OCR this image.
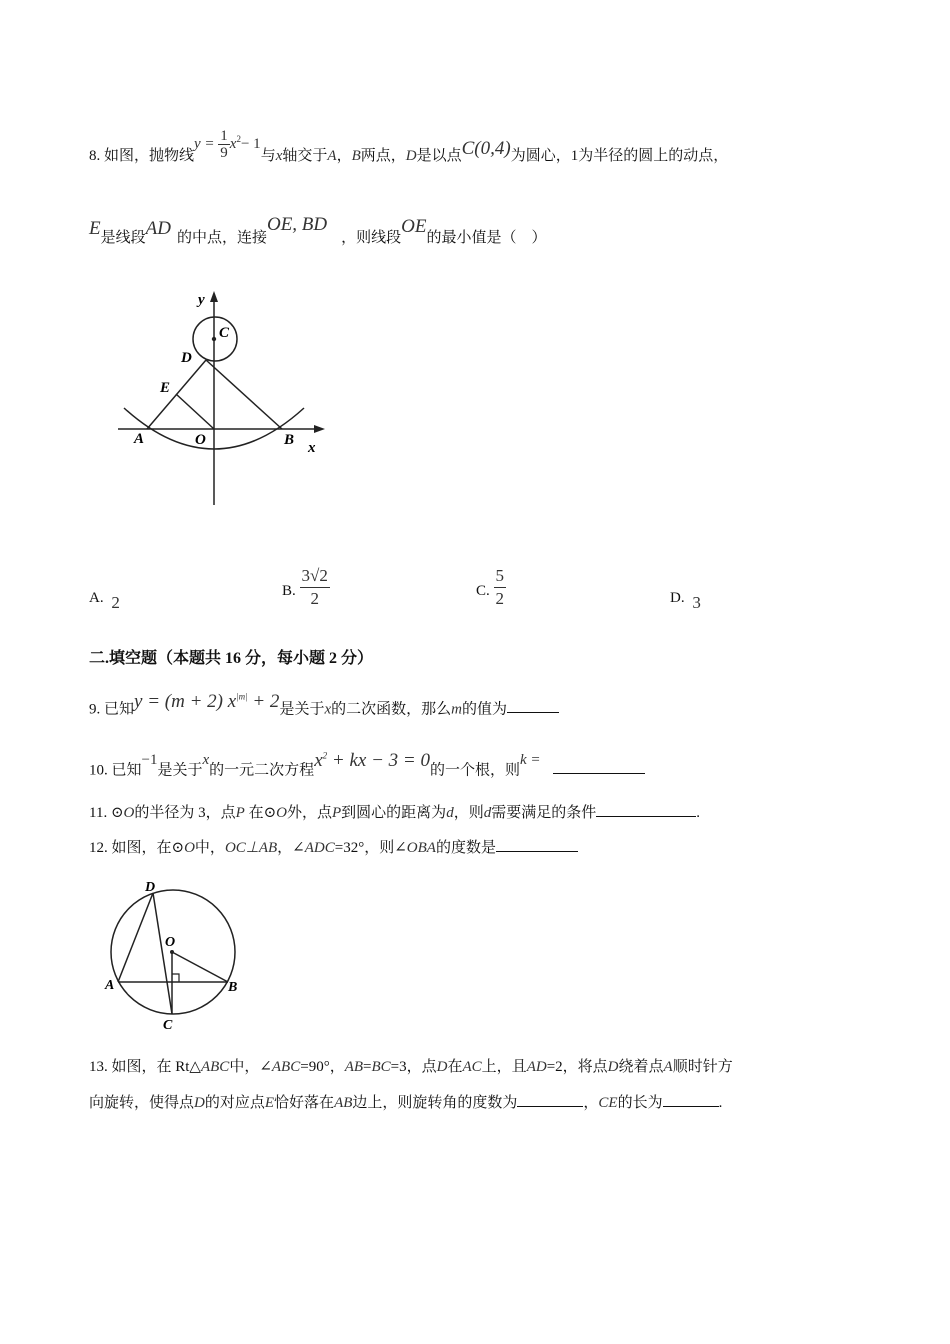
8. 如图，抛物线$y = \frac{1}{9} x^2- 1$与x轴交于A，B两点，D是以点C(0,4)为圆心，1为半径的圆上的动点，
E是线段AD 的中点，连接OE, BD，则线段OE的最小值是（　）
y
x
C
D
E
A	O	B
A. 2
B. $\frac{3√2}{2}$	C. $\frac{5}{2}$	D. 3
二.填空题（本题共 16 分，每小题 2 分）
9. 已知y = (m + 2) $x^{|m|} + 2$是关于x的二次函数，那么m的值为
10. 已知−1是关于x的一元二次方程$x^2$ + kx − 3 = 0的一个根，则k =
11. ⊙O的半径为 3，点P 在⊙O外，点P到圆心的距离为d，则d需要满足的条件	.
12. 如图，在⊙O中，OC⊥AB，∠ADC=32°，则∠OBA的度数是
D
O
A	B
C
13. 如图，在 Rt△ABC中，∠ABC=90°，AB=BC=3，点D在AC上，且AD=2，将点D绕着点A顺时针方
向旋转，使得点D的对应点E恰好落在AB边上，则旋转角的度数为	，CE的长为	.
